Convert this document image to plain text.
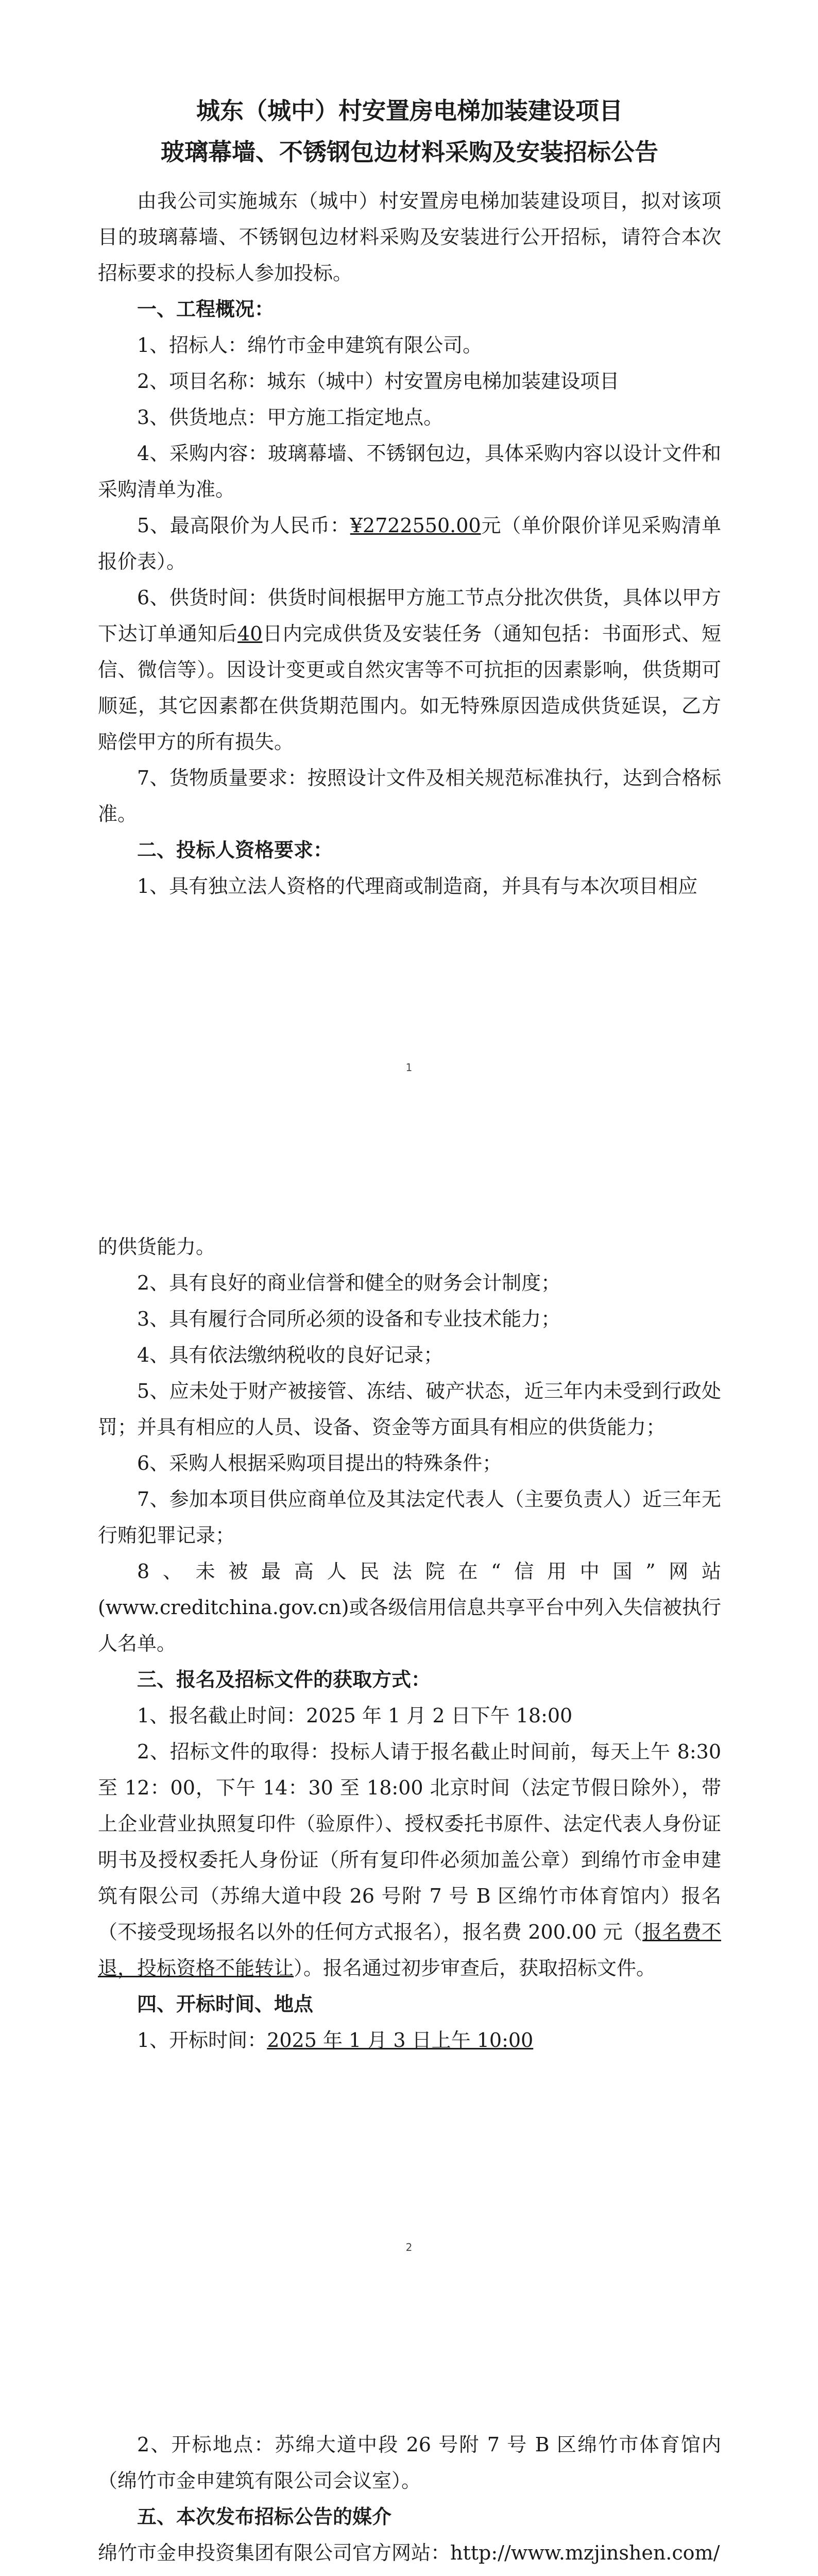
城东（城中）村安置房电梯加装建设项目

玻璃幕墙、不锈钢包边材料采购及安装招标公告

由我公司实施城东（城中）村安置房电梯加装建设项目，拟对该项目的玻璃幕墙、不锈钢包边材料采购及安装进行公开招标，请符合本次招标要求的投标人参加投标。

一、工程概况：

1、招标人：绵竹市金申建筑有限公司。

2、项目名称：城东（城中）村安置房电梯加装建设项目

3、供货地点：甲方施工指定地点。

4、采购内容：玻璃幕墙、不锈钢包边，具体采购内容以设计文件和采购清单为准。

5、最高限价为人民币：¥2722550.00元（单价限价详见采购清单报价表）。

6、供货时间：供货时间根据甲方施工节点分批次供货，具体以甲方下达订单通知后40日内完成供货及安装任务（通知包括：书面形式、短信、微信等）。因设计变更或自然灾害等不可抗拒的因素影响，供货期可顺延，其它因素都在供货期范围内。如无特殊原因造成供货延误，乙方赔偿甲方的所有损失。

7、货物质量要求：按照设计文件及相关规范标准执行，达到合格标准。

二、投标人资格要求：

1、具有独立法人资格的代理商或制造商，并具有与本次项目相应

1

的供货能力。

2、具有良好的商业信誉和健全的财务会计制度；

3、具有履行合同所必须的设备和专业技术能力；

4、具有依法缴纳税收的良好记录；

5、应未处于财产被接管、冻结、破产状态，近三年内未受到行政处罚；并具有相应的人员、设备、资金等方面具有相应的供货能力；

6、采购人根据采购项目提出的特殊条件；

7、参加本项目供应商单位及其法定代表人（主要负责人）近三年无行贿犯罪记录；

8、未被最高人民法院在“信用中国”网站(www.creditchina.gov.cn)或各级信用信息共享平台中列入失信被执行人名单。

三、报名及招标文件的获取方式：

1、报名截止时间：2025 年 1 月 2 日下午 18:00

2、招标文件的取得：投标人请于报名截止时间前，每天上午 8:30 至 12：00，下午 14：30 至 18:00 北京时间（法定节假日除外），带上企业营业执照复印件（验原件）、授权委托书原件、法定代表人身份证明书及授权委托人身份证（所有复印件必须加盖公章）到绵竹市金申建筑有限公司（苏绵大道中段 26 号附 7 号 B 区绵竹市体育馆内）报名（不接受现场报名以外的任何方式报名），报名费 200.00 元（报名费不退，投标资格不能转让）。报名通过初步审查后，获取招标文件。

四、开标时间、地点

1、开标时间：2025 年 1 月 3 日上午 10:00

2

2、开标地点：苏绵大道中段 26 号附 7 号 B 区绵竹市体育馆内（绵竹市金申建筑有限公司会议室）。

五、本次发布招标公告的媒介

绵竹市金申投资集团有限公司官方网站：http://www.mzjinshen.com/
